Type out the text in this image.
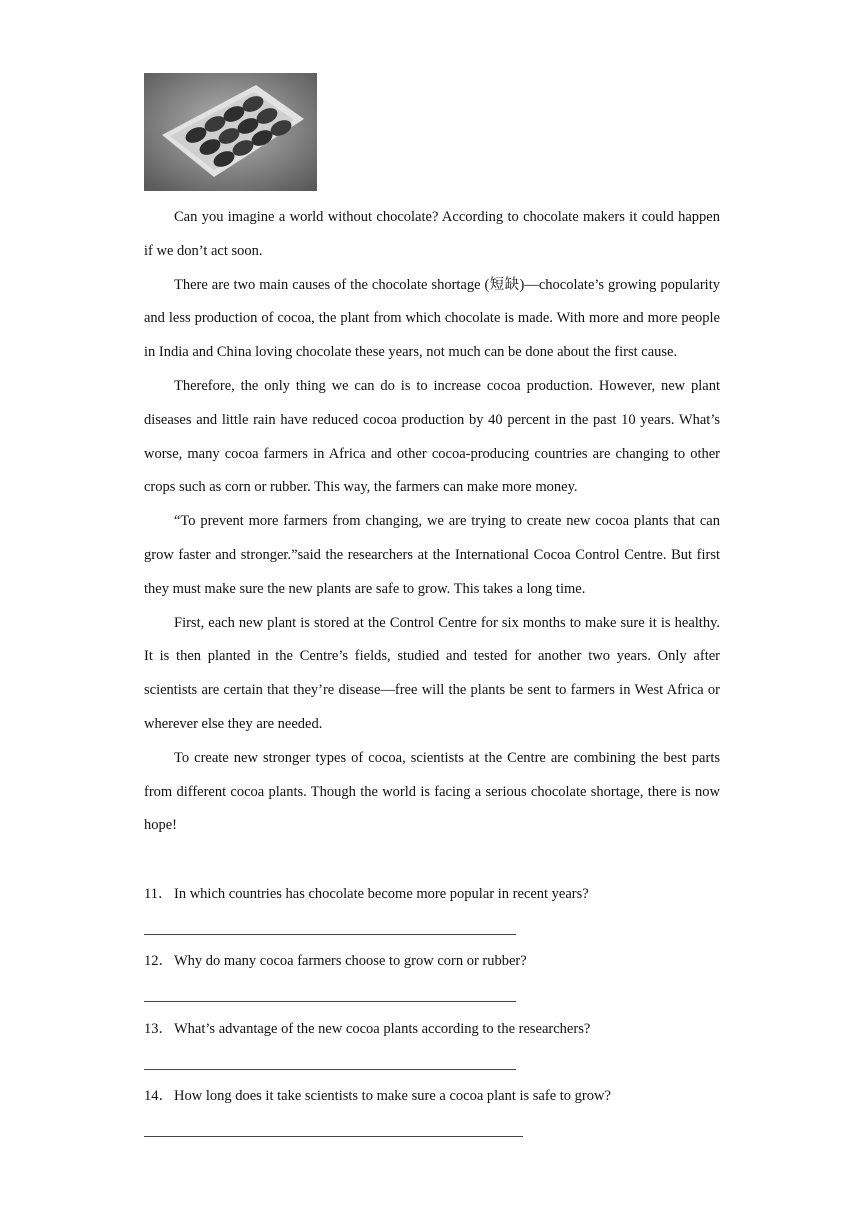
Can you imagine a world without chocolate? According to chocolate makers it could happen if we don’t act soon.

There are two main causes of the chocolate shortage (短缺)—chocolate’s growing popularity and less production of cocoa, the plant from which chocolate is made. With more and more people in India and China loving chocolate these years, not much can be done about the first cause.

Therefore, the only thing we can do is to increase cocoa production. However, new plant diseases and little rain have reduced cocoa production by 40 percent in the past 10 years. What’s worse, many cocoa farmers in Africa and other cocoa-producing countries are changing to other crops such as corn or rubber. This way, the farmers can make more money.

“To prevent more farmers from changing, we are trying to create new cocoa plants that can grow faster and stronger.”said the researchers at the International Cocoa Control Centre. But first they must make sure the new plants are safe to grow. This takes a long time.

First, each new plant is stored at the Control Centre for six months to make sure it is healthy. It is then planted in the Centre’s fields, studied and tested for another two years. Only after scientists are certain that they’re disease—free will the plants be sent to farmers in West Africa or wherever else they are needed.

To create new stronger types of cocoa, scientists at the Centre are combining the best parts from different cocoa plants. Though the world is facing a serious chocolate shortage, there is now hope!

11． In which countries has chocolate become more popular in recent years?
12．Why do many cocoa farmers choose to grow corn or rubber?
13．What’s advantage of the new cocoa plants according to the researchers?
14．How long does it take scientists to make sure a cocoa plant is safe to grow?
